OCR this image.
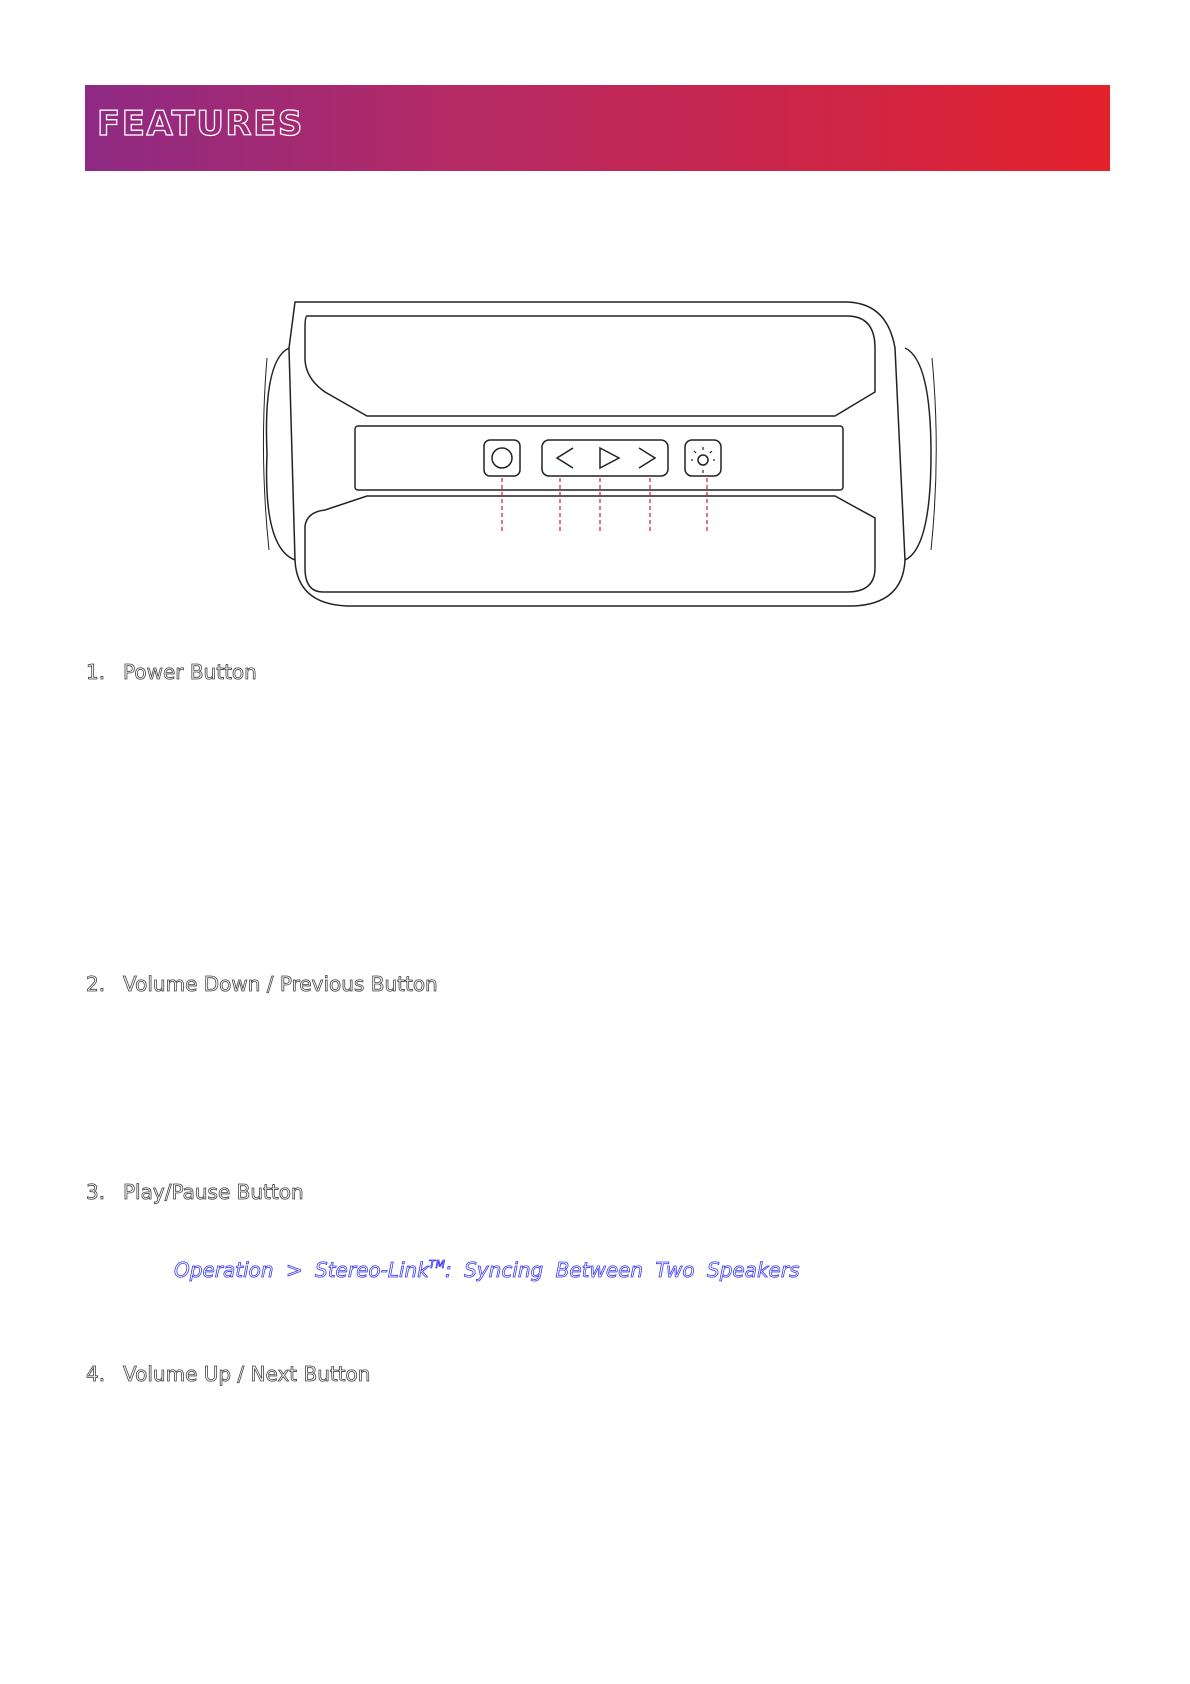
FEATURES
1. Power Button
2. Volume Down / Previous Button
3. Play/Pause Button
Operation > Stereo-Link™: Syncing Between Two Speakers
4. Volume Up / Next Button
